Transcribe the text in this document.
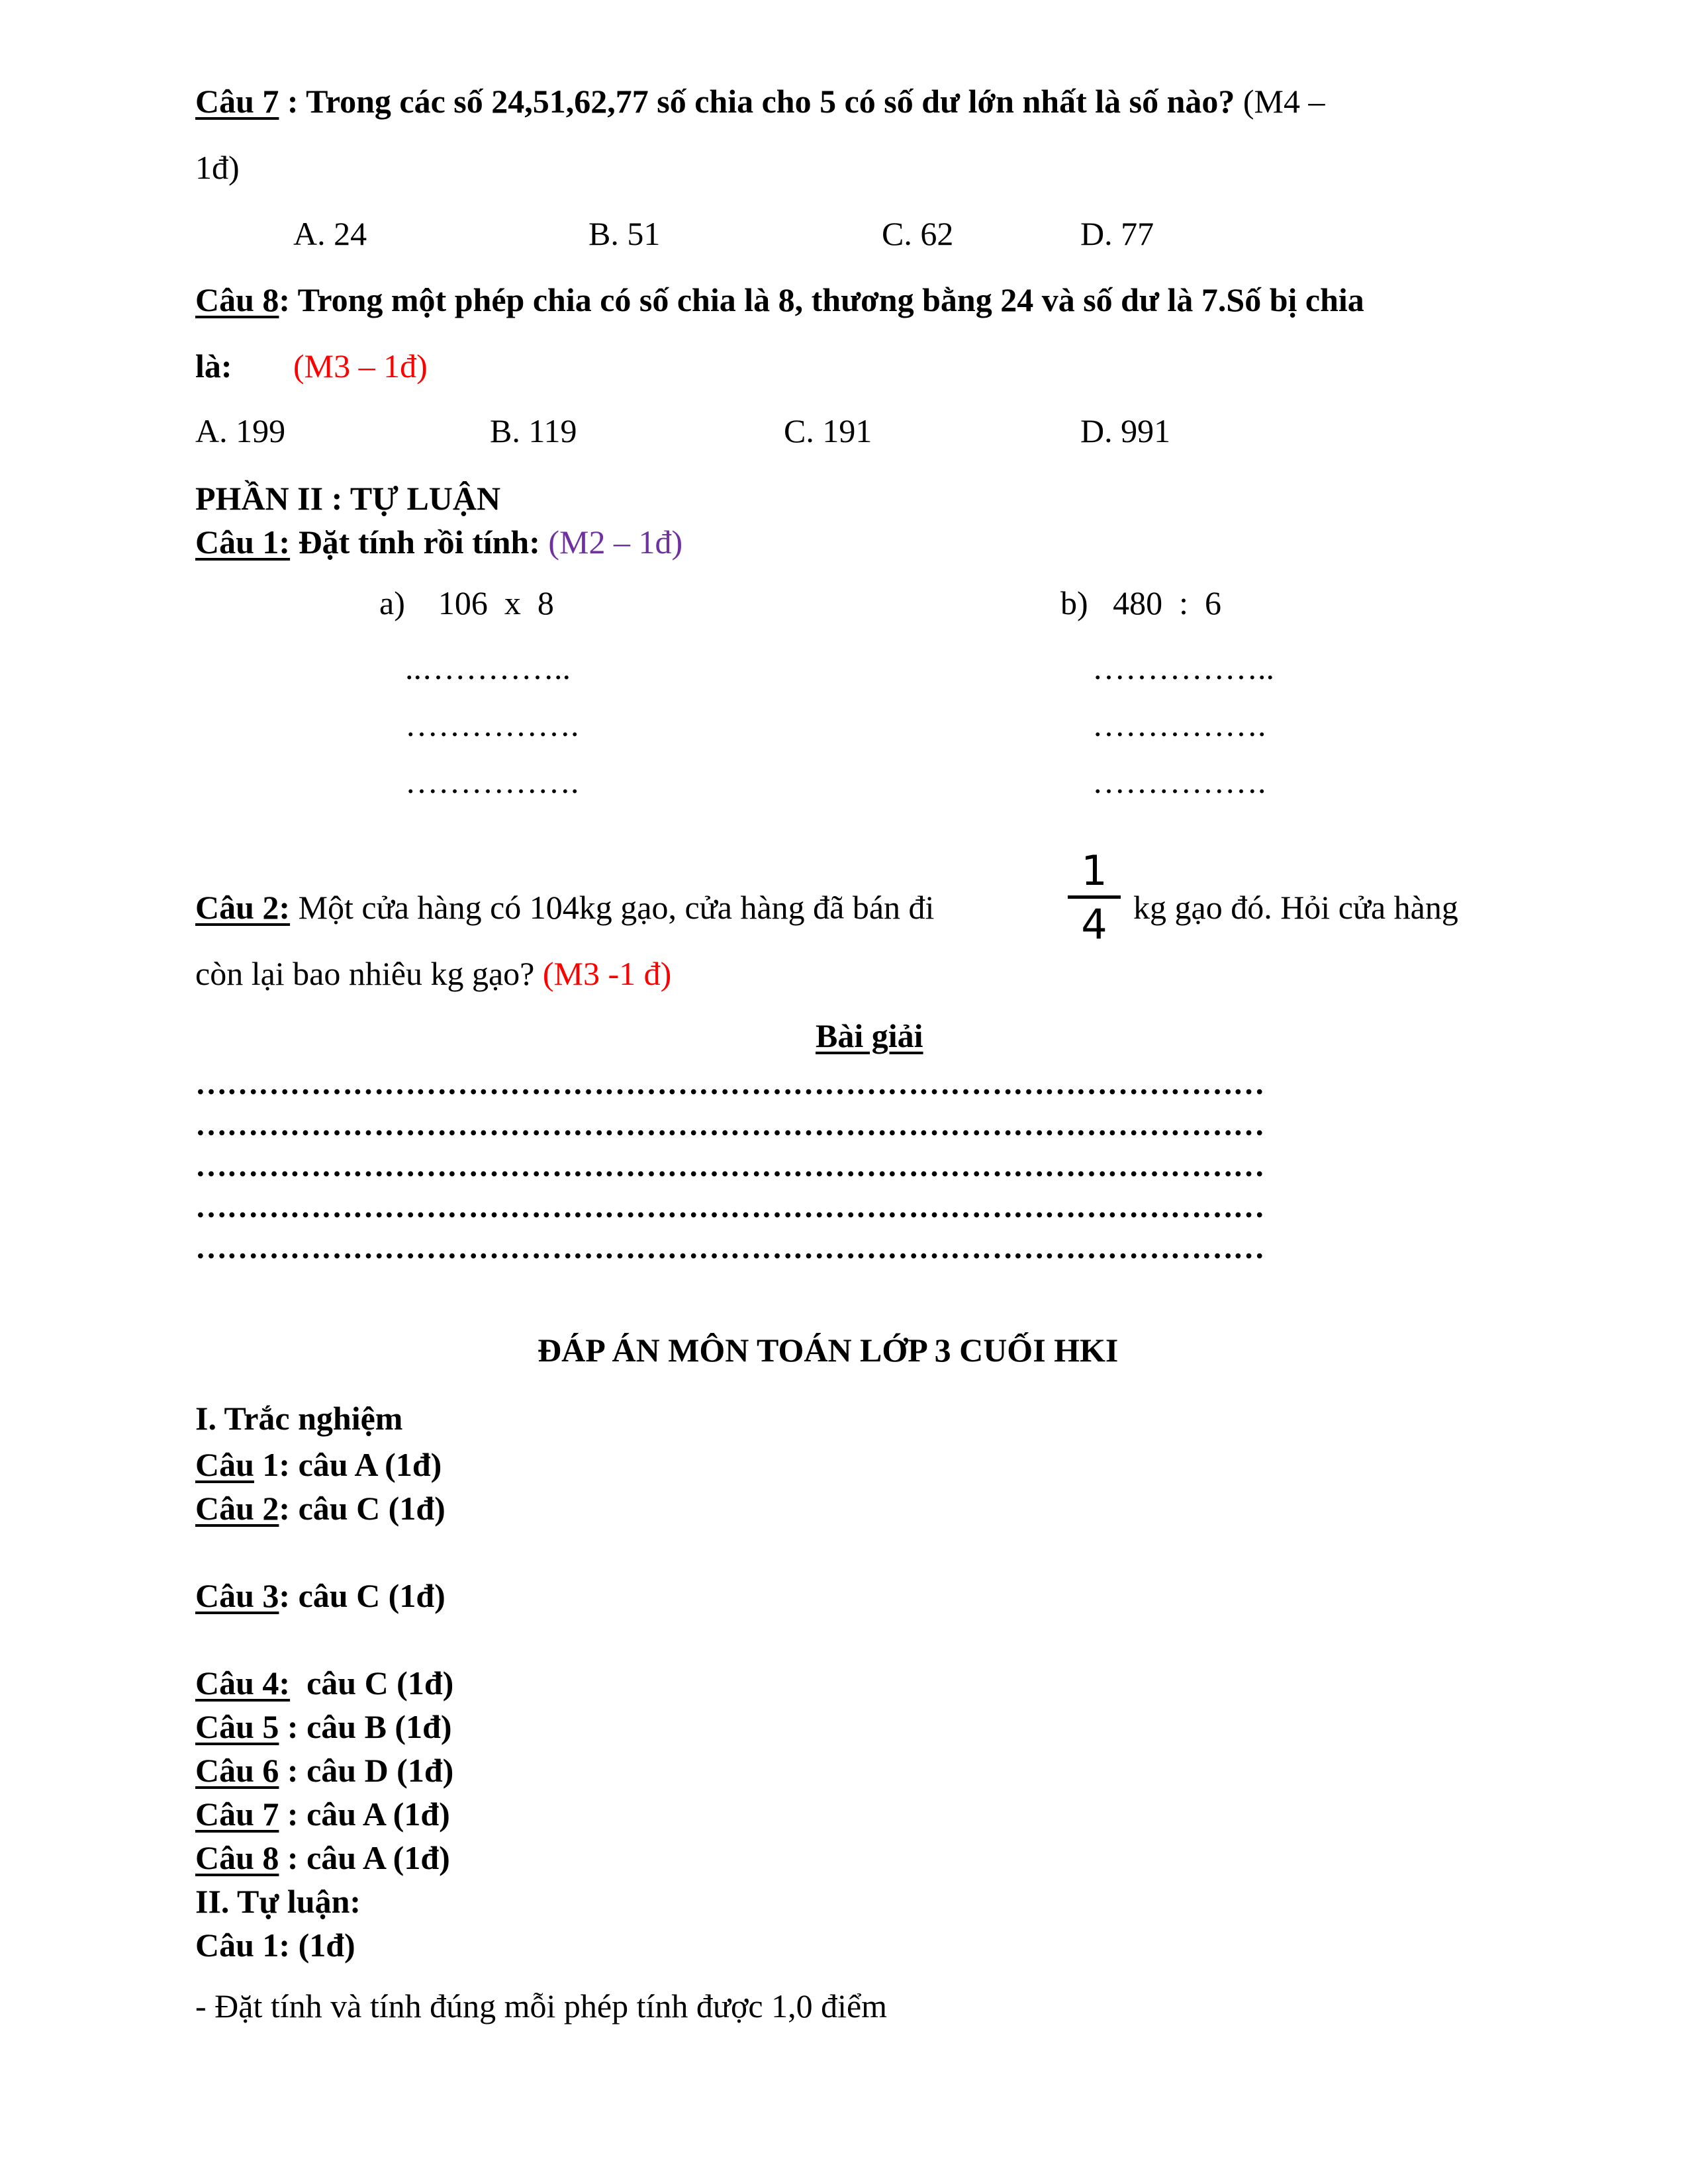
Câu 7 : Trong các số 24,51,62,77 số chia cho 5 có số dư lớn nhất là số nào? (M4 –
1đ)
A. 24	B. 51	C. 62	D. 77
Câu 8: Trong một phép chia có số chia là 8, thương bằng 24 và số dư là 7.Số bị chia
là: (M3 – 1đ)
A. 199	B. 119	C. 191	D. 991
PHẦN II : TỰ LUẬN
Câu 1: Đặt tính rồi tính: (M2 – 1đ)
a)    106  x  8	b)   480  :  6
..…………..
…………….
…………….
……………..
…………….
…………….
Câu 2: Một cửa hàng có 104kg gạo, cửa hàng đã bán đi
1
4 kg gạo đó. Hỏi cửa hàng
còn lại bao nhiêu kg gạo? (M3 -1 đ)
Bài giải
…………………………………………………………………………………………
…………………………………………………………………………………………
…………………………………………………………………………………………
…………………………………………………………………………………………
…………………………………………………………………………………………
ĐÁP ÁN MÔN TOÁN LỚP 3 CUỐI HKI
I. Trắc nghiệm
Câu 1: câu A (1đ)
Câu 2: câu C (1đ)
Câu 3: câu C (1đ)
Câu 4:  câu C (1đ)
Câu 5 : câu B (1đ)
Câu 6 : câu D (1đ)
Câu 7 : câu A (1đ)
Câu 8 : câu A (1đ)
II. Tự luận:
Câu 1: (1đ)
- Đặt tính và tính đúng mỗi phép tính được 1,0 điểm
